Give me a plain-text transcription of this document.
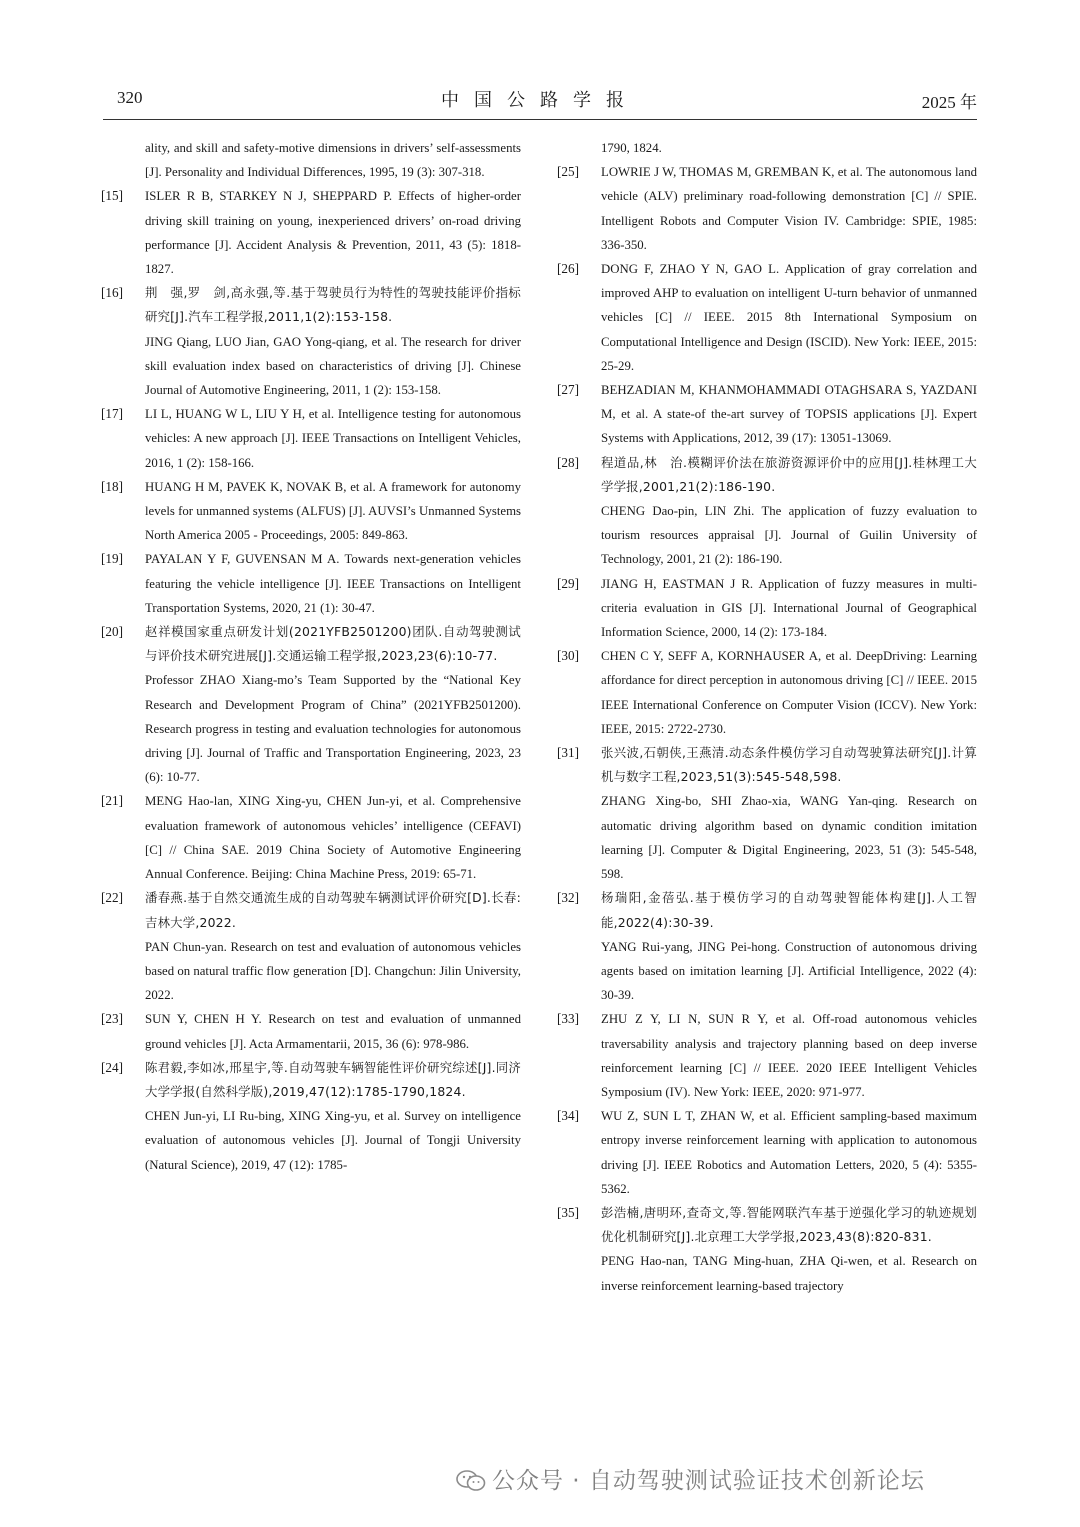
320	中国公路学报	2025 年
ality, and skill and safety-motive dimensions in drivers’ self-assessments [J]. Personality and Individual Differences, 1995, 19 (3): 307-318.
[15] ISLER R B, STARKEY N J, SHEPPARD P. Effects of higher-order driving skill training on young, inexperienced drivers’ on-road driving performance [J]. Accident Analysis & Prevention, 2011, 43 (5): 1818-1827.
[16] 荆　强,罗　剑,高永强,等.基于驾驶员行为特性的驾驶技能评价指标研究[J].汽车工程学报,2011,1(2):153-158.
JING Qiang, LUO Jian, GAO Yong-qiang, et al. The research for driver skill evaluation index based on characteristics of driving [J]. Chinese Journal of Automotive Engineering, 2011, 1 (2): 153-158.
[17] LI L, HUANG W L, LIU Y H, et al. Intelligence testing for autonomous vehicles: A new approach [J]. IEEE Transactions on Intelligent Vehicles, 2016, 1 (2): 158-166.
[18] HUANG H M, PAVEK K, NOVAK B, et al. A framework for autonomy levels for unmanned systems (ALFUS) [J]. AUVSI’s Unmanned Systems North America 2005 - Proceedings, 2005: 849-863.
[19] PAYALAN Y F, GUVENSAN M A. Towards next-generation vehicles featuring the vehicle intelligence [J]. IEEE Transactions on Intelligent Transportation Systems, 2020, 21 (1): 30-47.
[20] 赵祥模国家重点研发计划(2021YFB2501200)团队.自动驾驶测试与评价技术研究进展[J].交通运输工程学报,2023,23(6):10-77.
Professor ZHAO Xiang-mo’s Team Supported by the “National Key Research and Development Program of China” (2021YFB2501200). Research progress in testing and evaluation technologies for autonomous driving [J]. Journal of Traffic and Transportation Engineering, 2023, 23 (6): 10-77.
[21] MENG Hao-lan, XING Xing-yu, CHEN Jun-yi, et al. Comprehensive evaluation framework of autonomous vehicles’ intelligence (CEFAVI) [C] // China SAE. 2019 China Society of Automotive Engineering Annual Conference. Beijing: China Machine Press, 2019: 65-71.
[22] 潘春燕.基于自然交通流生成的自动驾驶车辆测试评价研究[D].长春:吉林大学,2022.
PAN Chun-yan. Research on test and evaluation of autonomous vehicles based on natural traffic flow generation [D]. Changchun: Jilin University, 2022.
[23] SUN Y, CHEN H Y. Research on test and evaluation of unmanned ground vehicles [J]. Acta Armamentarii, 2015, 36 (6): 978-986.
[24] 陈君毅,李如冰,邢星宇,等.自动驾驶车辆智能性评价研究综述[J].同济大学学报(自然科学版),2019,47(12):1785-1790,1824.
CHEN Jun-yi, LI Ru-bing, XING Xing-yu, et al. Survey on intelligence evaluation of autonomous vehicles [J]. Journal of Tongji University (Natural Science), 2019, 47 (12): 1785-
1790, 1824.
[25] LOWRIE J W, THOMAS M, GREMBAN K, et al. The autonomous land vehicle (ALV) preliminary road-following demonstration [C] // SPIE. Intelligent Robots and Computer Vision IV. Cambridge: SPIE, 1985: 336-350.
[26] DONG F, ZHAO Y N, GAO L. Application of gray correlation and improved AHP to evaluation on intelligent U-turn behavior of unmanned vehicles [C] // IEEE. 2015 8th International Symposium on Computational Intelligence and Design (ISCID). New York: IEEE, 2015: 25-29.
[27] BEHZADIAN M, KHANMOHAMMADI OTAGHSARA S, YAZDANI M, et al. A state-of the-art survey of TOPSIS applications [J]. Expert Systems with Applications, 2012, 39 (17): 13051-13069.
[28] 程道品,林　治.模糊评价法在旅游资源评价中的应用[J].桂林理工大学学报,2001,21(2):186-190.
CHENG Dao-pin, LIN Zhi. The application of fuzzy evaluation to tourism resources appraisal [J]. Journal of Guilin University of Technology, 2001, 21 (2): 186-190.
[29] JIANG H, EASTMAN J R. Application of fuzzy measures in multi-criteria evaluation in GIS [J]. International Journal of Geographical Information Science, 2000, 14 (2): 173-184.
[30] CHEN C Y, SEFF A, KORNHAUSER A, et al. DeepDriving: Learning affordance for direct perception in autonomous driving [C] // IEEE. 2015 IEEE International Conference on Computer Vision (ICCV). New York: IEEE, 2015: 2722-2730.
[31] 张兴波,石朝侠,王燕清.动态条件模仿学习自动驾驶算法研究[J].计算机与数字工程,2023,51(3):545-548,598.
ZHANG Xing-bo, SHI Zhao-xia, WANG Yan-qing. Research on automatic driving algorithm based on dynamic condition imitation learning [J]. Computer & Digital Engineering, 2023, 51 (3): 545-548, 598.
[32] 杨瑞阳,金蓓弘.基于模仿学习的自动驾驶智能体构建[J].人工智能,2022(4):30-39.
YANG Rui-yang, JING Pei-hong. Construction of autonomous driving agents based on imitation learning [J]. Artificial Intelligence, 2022 (4): 30-39.
[33] ZHU Z Y, LI N, SUN R Y, et al. Off-road autonomous vehicles traversability analysis and trajectory planning based on deep inverse reinforcement learning [C] // IEEE. 2020 IEEE Intelligent Vehicles Symposium (IV). New York: IEEE, 2020: 971-977.
[34] WU Z, SUN L T, ZHAN W, et al. Efficient sampling-based maximum entropy inverse reinforcement learning with application to autonomous driving [J]. IEEE Robotics and Automation Letters, 2020, 5 (4): 5355-5362.
[35] 彭浩楠,唐明环,查奇文,等.智能网联汽车基于逆强化学习的轨迹规划优化机制研究[J].北京理工大学学报,2023,43(8):820-831.
PENG Hao-nan, TANG Ming-huan, ZHA Qi-wen, et al. Research on inverse reinforcement learning-based trajectory
公众号 · 自动驾驶测试验证技术创新论坛
